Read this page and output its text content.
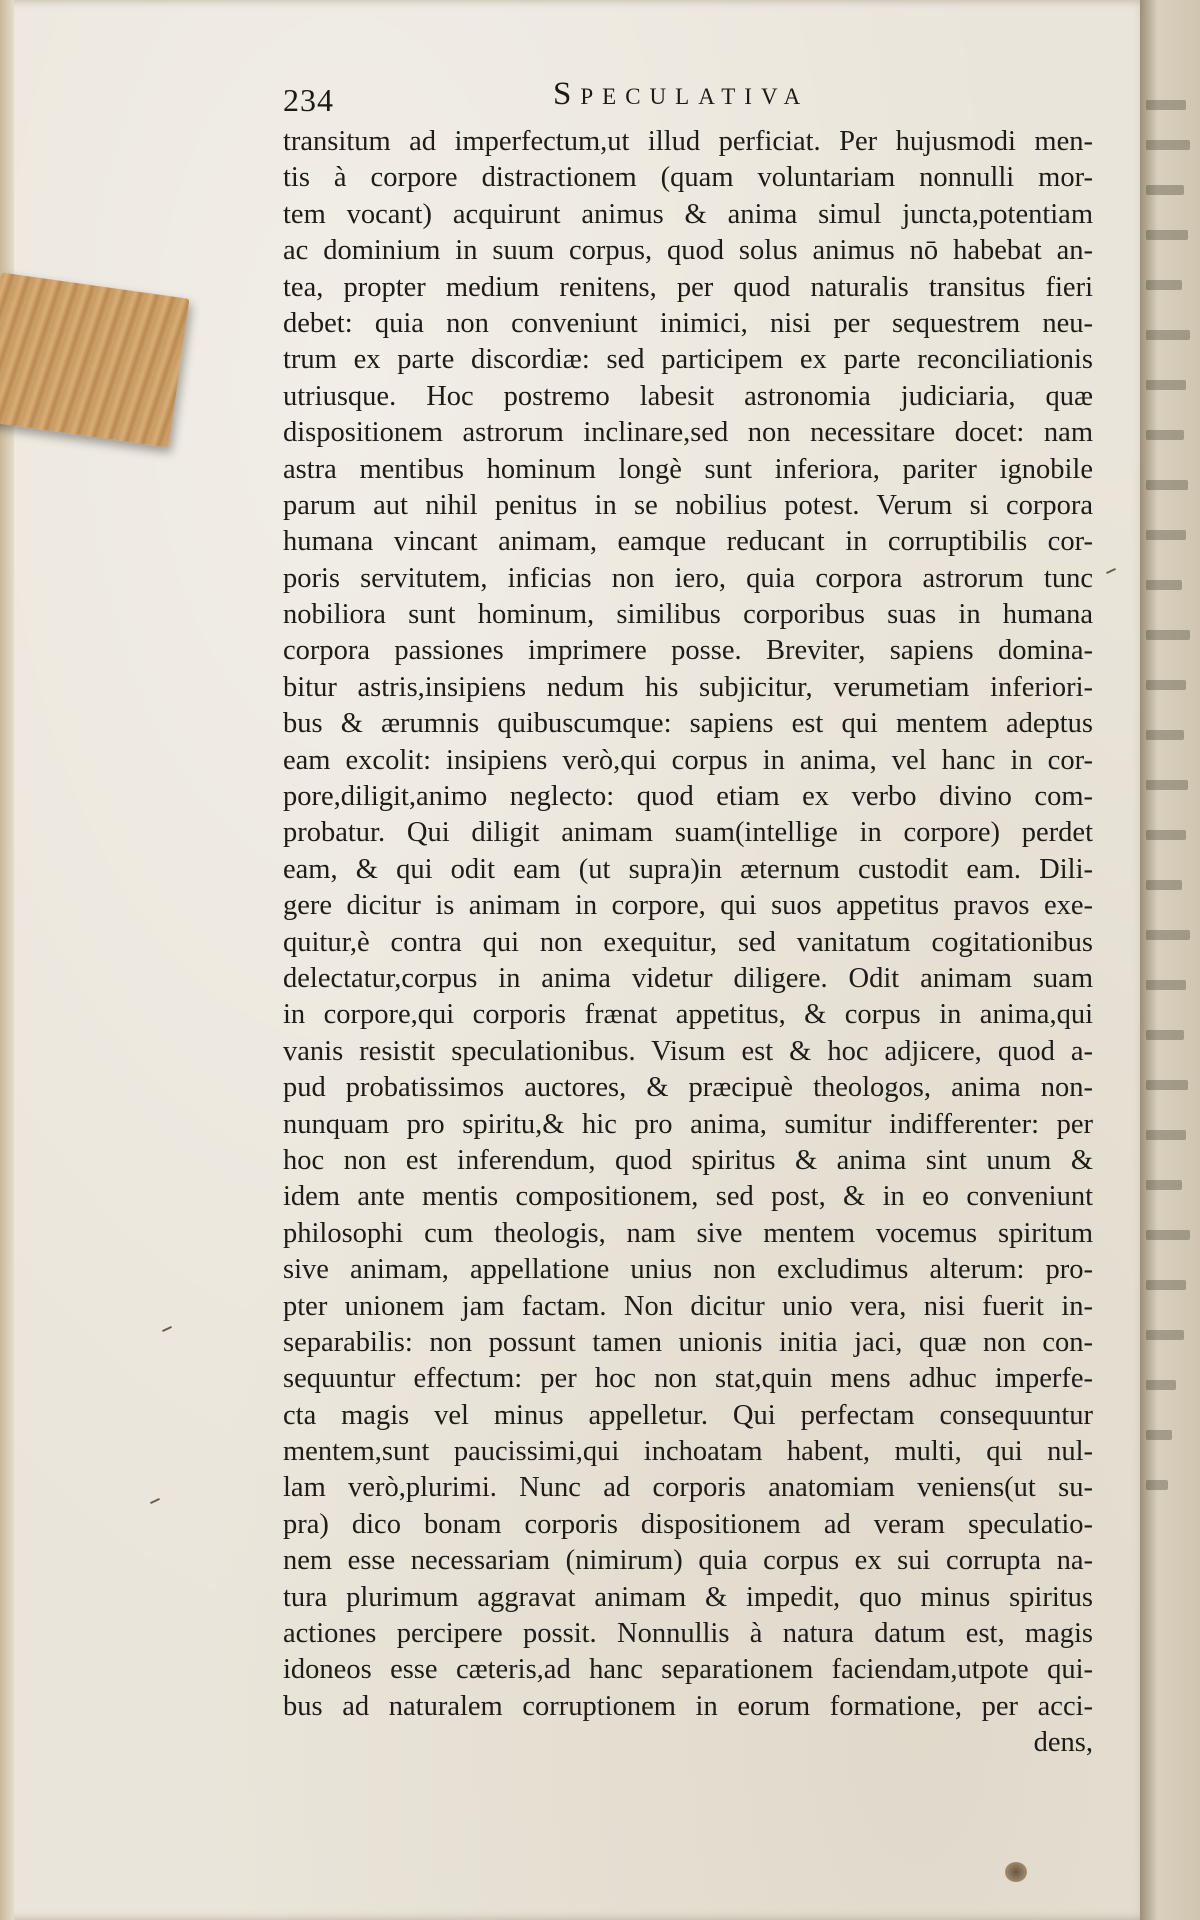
234	Speculativa
transitum ad imperfectum,ut illud perficiat. Per hujusmodi men-
tis à corpore distractionem (quam voluntariam nonnulli mor-
tem vocant) acquirunt animus & anima simul juncta,potentiam
ac dominium in suum corpus, quod solus animus nō habebat an-
tea, propter medium renitens, per quod naturalis transitus fieri
debet: quia non conveniunt inimici, nisi per sequestrem neu-
trum ex parte discordiæ: sed participem ex parte reconciliationis
utriusque. Hoc postremo labesit astronomia judiciaria, quæ
dispositionem astrorum inclinare,sed non necessitare docet: nam
astra mentibus hominum longè sunt inferiora, pariter ignobile
parum aut nihil penitus in se nobilius potest. Verum si corpora
humana vincant animam, eamque reducant in corruptibilis cor-
poris servitutem, inficias non iero, quia corpora astrorum tunc
nobiliora sunt hominum, similibus corporibus suas in humana
corpora passiones imprimere posse. Breviter, sapiens domina-
bitur astris,insipiens nedum his subjicitur, verumetiam inferiori-
bus & ærumnis quibuscumque: sapiens est qui mentem adeptus
eam excolit: insipiens verò,qui corpus in anima, vel hanc in cor-
pore,diligit,animo neglecto: quod etiam ex verbo divino com-
probatur. Qui diligit animam suam(intellige in corpore) perdet
eam, & qui odit eam (ut supra)in æternum custodit eam. Dili-
gere dicitur is animam in corpore, qui suos appetitus pravos exe-
quitur,è contra qui non exequitur, sed vanitatum cogitationibus
delectatur,corpus in anima videtur diligere. Odit animam suam
in corpore,qui corporis frænat appetitus, & corpus in anima,qui
vanis resistit speculationibus. Visum est & hoc adjicere, quod a-
pud probatissimos auctores, & præcipuè theologos, anima non-
nunquam pro spiritu,& hic pro anima, sumitur indifferenter: per
hoc non est inferendum, quod spiritus & anima sint unum &
idem ante mentis compositionem, sed post, & in eo conveniunt
philosophi cum theologis, nam sive mentem vocemus spiritum
sive animam, appellatione unius non excludimus alterum: pro-
pter unionem jam factam. Non dicitur unio vera, nisi fuerit in-
separabilis: non possunt tamen unionis initia jaci, quæ non con-
sequuntur effectum: per hoc non stat,quin mens adhuc imperfe-
cta magis vel minus appelletur. Qui perfectam consequuntur
mentem,sunt paucissimi,qui inchoatam habent, multi, qui nul-
lam verò,plurimi. Nunc ad corporis anatomiam veniens(ut su-
pra) dico bonam corporis dispositionem ad veram speculatio-
nem esse necessariam (nimirum) quia corpus ex sui corrupta na-
tura plurimum aggravat animam & impedit, quo minus spiritus
actiones percipere possit. Nonnullis à natura datum est, magis
idoneos esse cæteris,ad hanc separationem faciendam,utpote qui-
bus ad naturalem corruptionem in eorum formatione, per acci-
dens,
